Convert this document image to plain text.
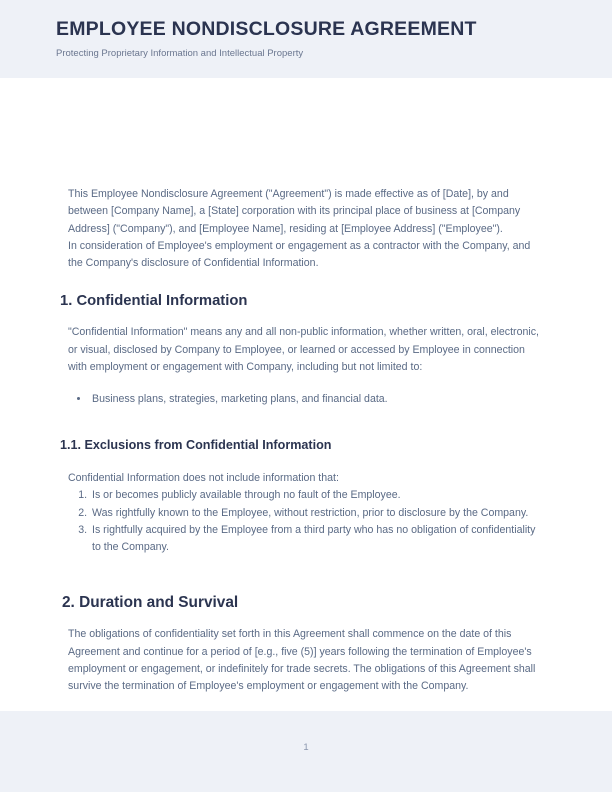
EMPLOYEE NONDISCLOSURE AGREEMENT
Protecting Proprietary Information and Intellectual Property

This Employee Nondisclosure Agreement ("Agreement") is made effective as of [Date], by and between [Company Name], a [State] corporation with its principal place of business at [Company Address] ("Company"), and [Employee Name], residing at [Employee Address] ("Employee").

In consideration of Employee's employment or engagement as a contractor with the Company, and the Company's disclosure of Confidential Information.

1. Confidential Information

"Confidential Information" means any and all non-public information, whether written, oral, electronic, or visual, disclosed by Company to Employee, or learned or accessed by Employee in connection with employment or engagement with Company, including but not limited to:

• Business plans, strategies, marketing plans, and financial data.
1.1. Exclusions from Confidential Information

Confidential Information does not include information that:

1. Is or becomes publicly available through no fault of the Employee.
2. Was rightfully known to the Employee, without restriction, prior to disclosure by the Company.
3. Is rightfully acquired by the Employee from a third party who has no obligation of confidentiality to the Company.
2. Duration and Survival

The obligations of confidentiality set forth in this Agreement shall commence on the date of this Agreement and continue for a period of [e.g., five (5)] years following the termination of Employee's employment or engagement, or indefinitely for trade secrets. The obligations of this Agreement shall survive the termination of Employee's employment or engagement with the Company.

1
